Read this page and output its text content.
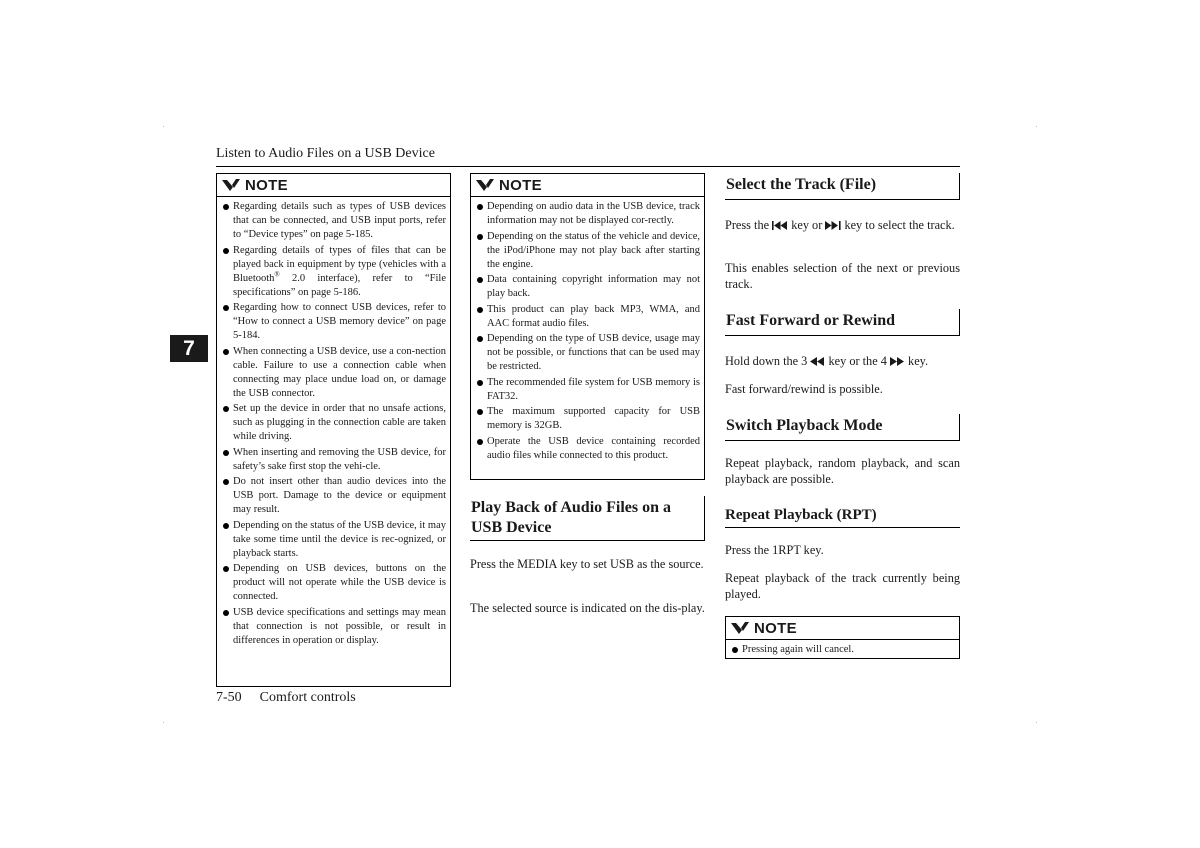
Listen to Audio Files on a USB Device
7
NOTE
Regarding details such as types of USB devices that can be connected, and USB input ports, refer to “Device types” on page 5-185.
Regarding details of types of files that can be played back in equipment by type (vehicles with a Bluetooth® 2.0 interface), refer to “File specifications” on page 5-186.
Regarding how to connect USB devices, refer to “How to connect a USB memory device” on page 5-184.
When connecting a USB device, use a con-nection cable. Failure to use a connection cable when connecting may place undue load on, or damage the USB connector.
Set up the device in order that no unsafe actions, such as plugging in the connection cable are taken while driving.
When inserting and removing the USB device, for safety’s sake first stop the vehi-cle.
Do not insert other than audio devices into the USB port. Damage to the device or equipment may result.
Depending on the status of the USB device, it may take some time until the device is rec-ognized, or playback starts.
Depending on USB devices, buttons on the product will not operate while the USB device is connected.
USB device specifications and settings may mean that connection is not possible, or result in differences in operation or display.
NOTE
Depending on audio data in the USB device, track information may not be displayed cor-rectly.
Depending on the status of the vehicle and device, the iPod/iPhone may not play back after starting the engine.
Data containing copyright information may not play back.
This product can play back MP3, WMA, and AAC format audio files.
Depending on the type of USB device, usage may not be possible, or functions that can be used may be restricted.
The recommended file system for USB memory is FAT32.
The maximum supported capacity for USB memory is 32GB.
Operate the USB device containing recorded audio files while connected to this product.
Play Back of Audio Files on a USB Device

Press the MEDIA key to set USB as the source.

The selected source is indicated on the dis-play.

Select the Track (File)

Press the key or key to select the track.

This enables selection of the next or previous track.

Fast Forward or Rewind

Hold down the 3 key or the 4 key.

Fast forward/rewind is possible.

Switch Playback Mode

Repeat playback, random playback, and scan playback are possible.

Repeat Playback (RPT)

Press the 1RPT key.

Repeat playback of the track currently being played.

NOTE
Pressing again will cancel.
7-50 Comfort controls
